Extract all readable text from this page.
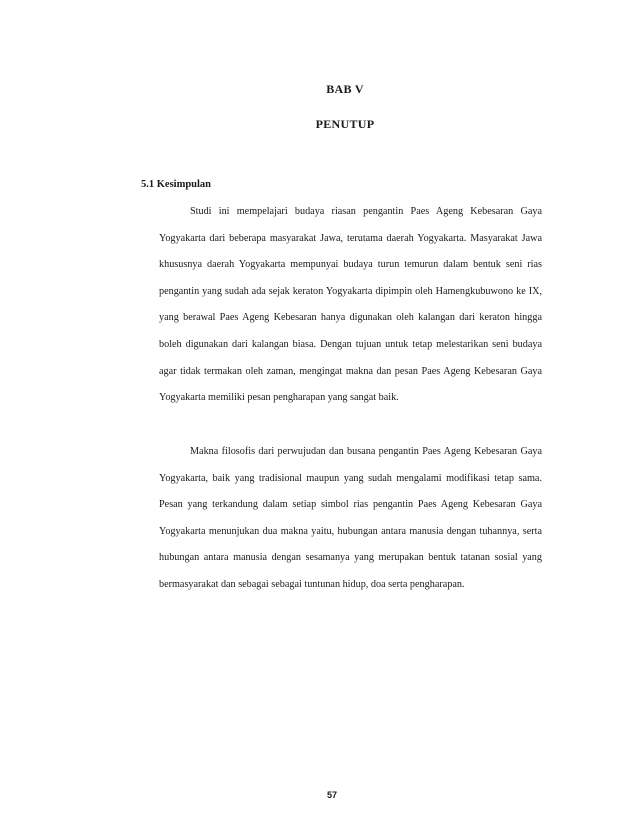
BAB V
PENUTUP
5.1 Kesimpulan

Studi ini mempelajari budaya riasan pengantin Paes Ageng Kebesaran Gaya Yogyakarta dari beberapa masyarakat Jawa, terutama daerah Yogyakarta. Masyarakat Jawa khususnya daerah Yogyakarta mempunyai budaya turun temurun dalam bentuk seni rias pengantin yang sudah ada sejak keraton Yogyakarta dipimpin oleh Hamengkubuwono ke IX, yang berawal Paes Ageng Kebesaran hanya digunakan oleh kalangan dari keraton hingga boleh digunakan dari kalangan biasa. Dengan tujuan untuk tetap melestarikan seni budaya agar tidak termakan oleh zaman, mengingat makna dan pesan Paes Ageng Kebesaran Gaya Yogyakarta memiliki pesan pengharapan yang sangat baik.

Makna filosofis dari perwujudan dan busana pengantin Paes Ageng Kebesaran Gaya Yogyakarta, baik yang tradisional maupun yang sudah mengalami modifikasi tetap sama. Pesan yang terkandung dalam setiap simbol rias pengantin Paes Ageng Kebesaran Gaya Yogyakarta menunjukan dua makna yaitu, hubungan antara manusia dengan tuhannya, serta hubungan antara manusia dengan sesamanya yang merupakan bentuk tatanan sosial yang bermasyarakat dan sebagai sebagai tuntunan hidup, doa serta pengharapan.

57
